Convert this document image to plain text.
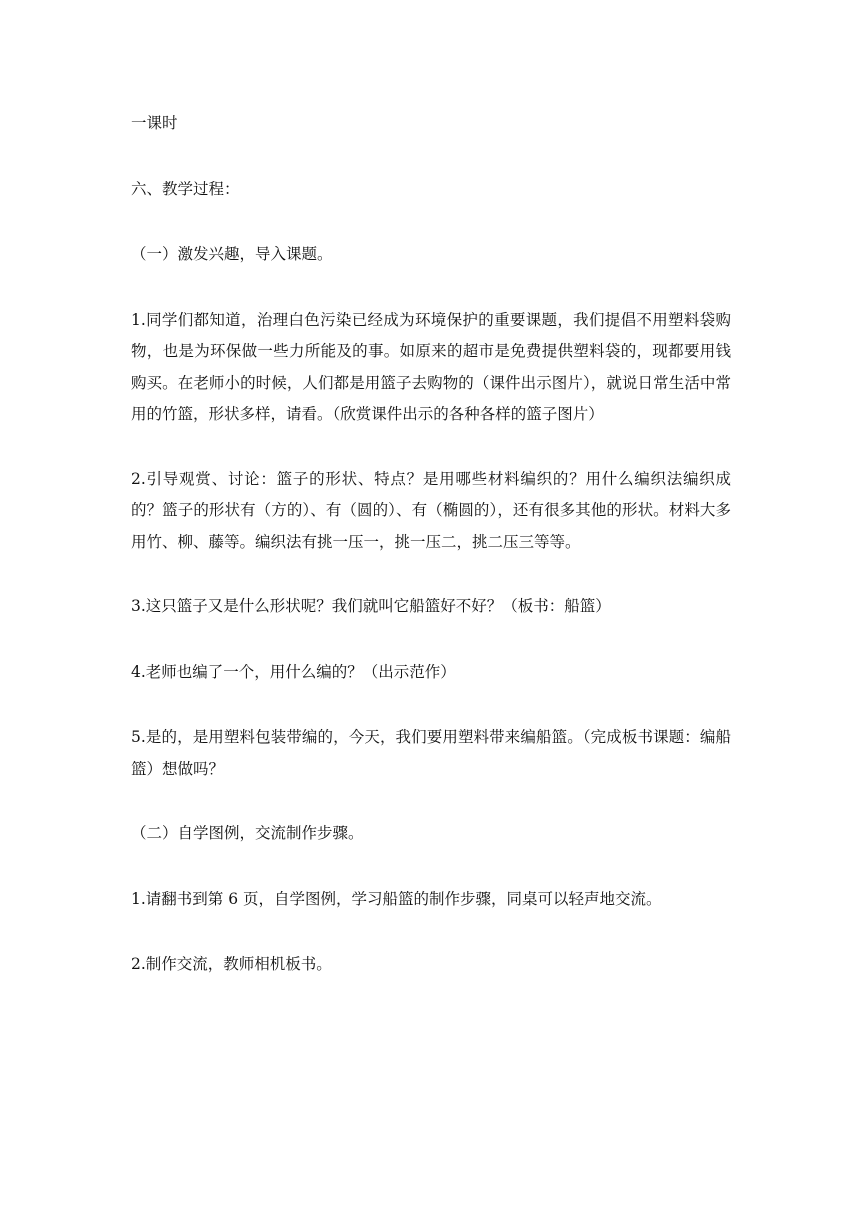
一课时

六、教学过程：

（一）激发兴趣，导入课题。

1.同学们都知道，治理白色污染已经成为环境保护的重要课题，我们提倡不用塑料袋购物，也是为环保做一些力所能及的事。如原来的超市是免费提供塑料袋的，现都要用钱购买。在老师小的时候，人们都是用篮子去购物的（课件出示图片），就说日常生活中常用的竹篮，形状多样，请看。（欣赏课件出示的各种各样的篮子图片）

2.引导观赏、讨论：篮子的形状、特点？是用哪些材料编织的？用什么编织法编织成的？篮子的形状有（方的）、有（圆的）、有（椭圆的），还有很多其他的形状。材料大多用竹、柳、藤等。编织法有挑一压一，挑一压二，挑二压三等等。

3.这只篮子又是什么形状呢？我们就叫它船篮好不好？（板书：船篮）

4.老师也编了一个，用什么编的？（出示范作）

5.是的，是用塑料包装带编的，今天，我们要用塑料带来编船篮。（完成板书课题：编船篮）想做吗？

（二）自学图例，交流制作步骤。

1.请翻书到第 6 页，自学图例，学习船篮的制作步骤，同桌可以轻声地交流。

2.制作交流，教师相机板书。
